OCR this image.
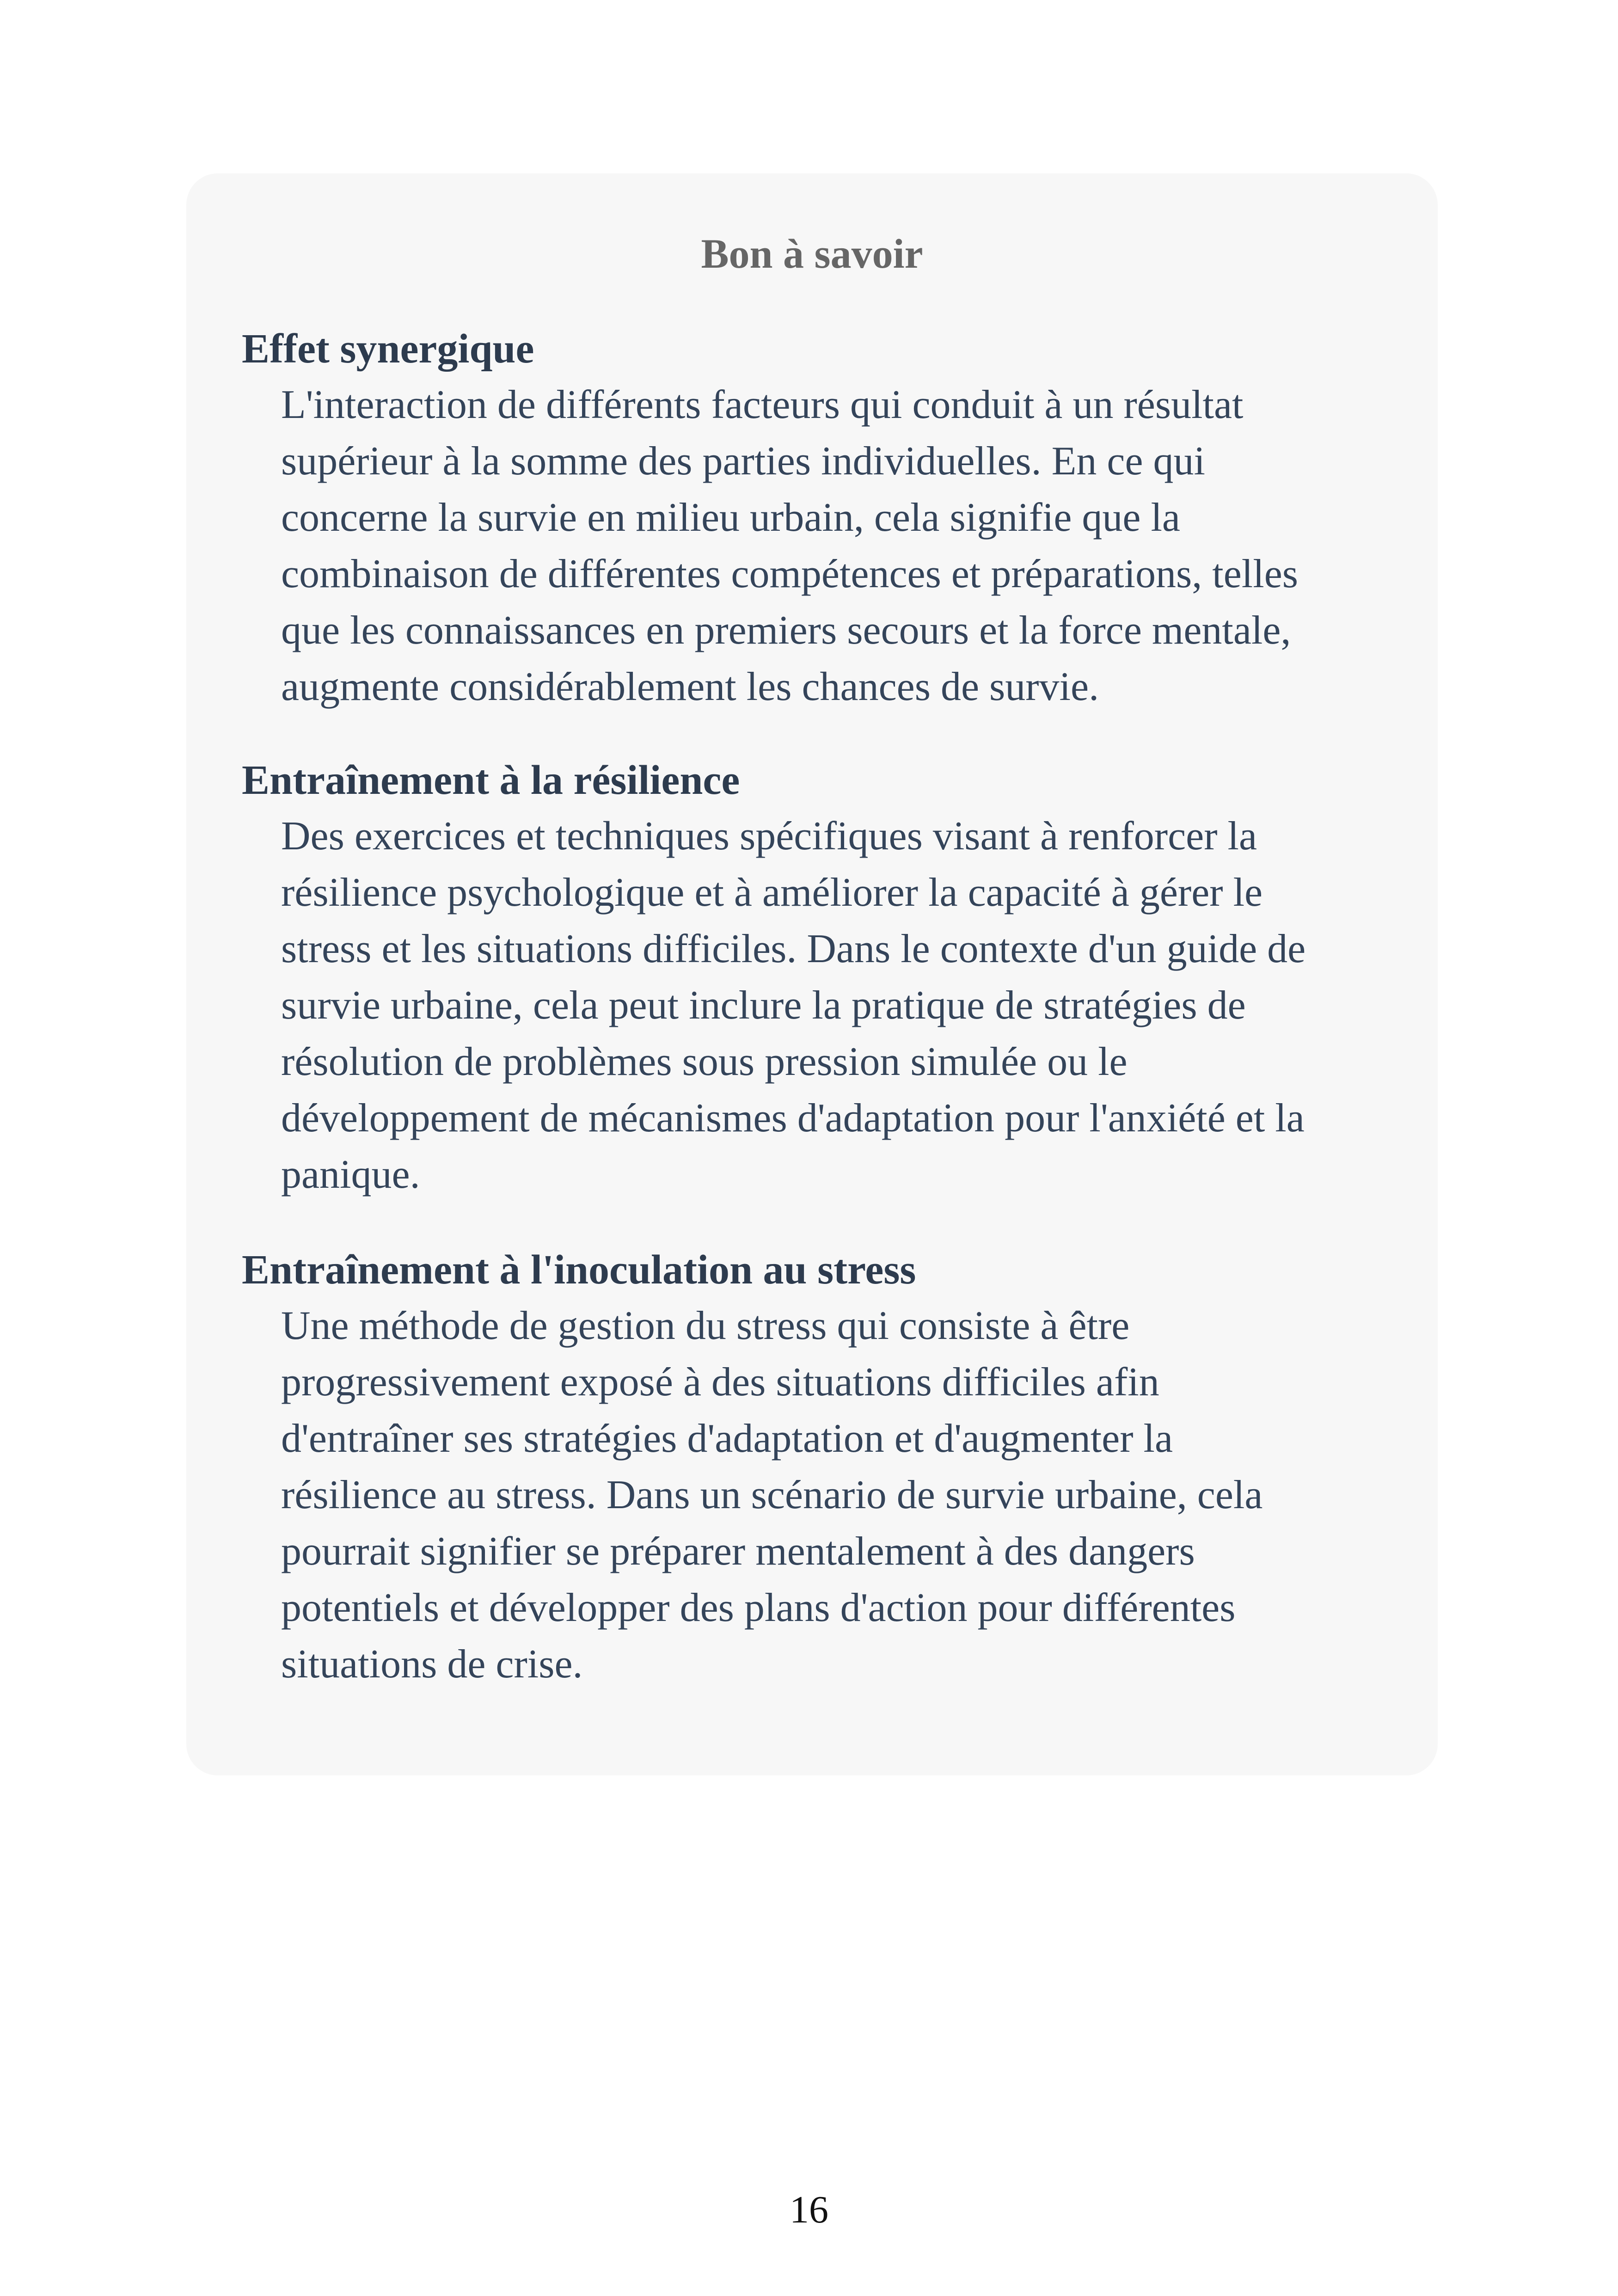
Bon à savoir
Effet synergique
L'interaction de différents facteurs qui conduit à un résultat
supérieur à la somme des parties individuelles. En ce qui
concerne la survie en milieu urbain, cela signifie que la
combinaison de différentes compétences et préparations, telles
que les connaissances en premiers secours et la force mentale,
augmente considérablement les chances de survie.
Entraînement à la résilience
Des exercices et techniques spécifiques visant à renforcer la
résilience psychologique et à améliorer la capacité à gérer le
stress et les situations difficiles. Dans le contexte d'un guide de
survie urbaine, cela peut inclure la pratique de stratégies de
résolution de problèmes sous pression simulée ou le
développement de mécanismes d'adaptation pour l'anxiété et la
panique.
Entraînement à l'inoculation au stress
Une méthode de gestion du stress qui consiste à être
progressivement exposé à des situations difficiles afin
d'entraîner ses stratégies d'adaptation et d'augmenter la
résilience au stress. Dans un scénario de survie urbaine, cela
pourrait signifier se préparer mentalement à des dangers
potentiels et développer des plans d'action pour différentes
situations de crise.
16
